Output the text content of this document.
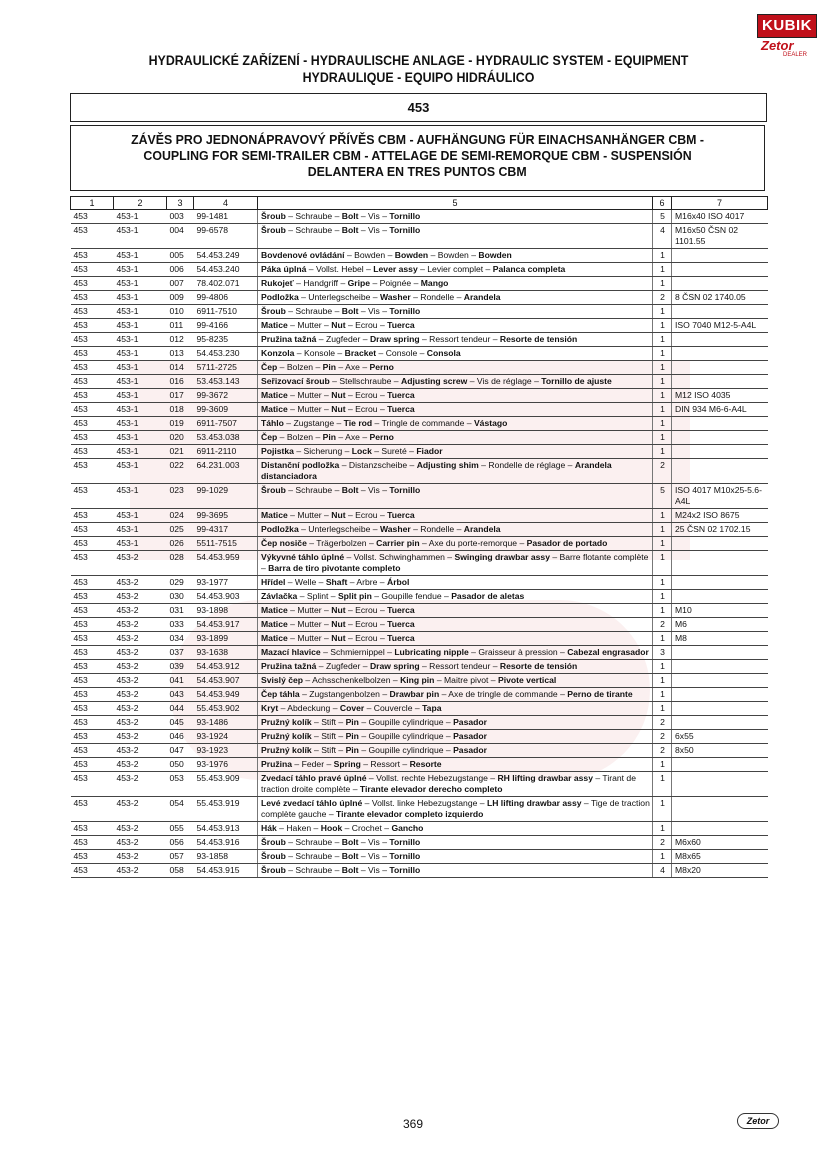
KUBIK
Zetor
DEALER
HYDRAULICKÉ ZAŘÍZENÍ - HYDRAULISCHE ANLAGE - HYDRAULIC SYSTEM - EQUIPMENT
HYDRAULIQUE - EQUIPO HIDRÁULICO
453
ZÁVĚS PRO JEDNONÁPRAVOVÝ PŘÍVĚS CBM - AUFHÄNGUNG FÜR EINACHSANHÄNGER CBM -
COUPLING FOR SEMI-TRAILER CBM - ATTELAGE DE SEMI-REMORQUE CBM - SUSPENSIÓN
DELANTERA EN TRES PUNTOS CBM
1	2	3	4	5	6	7
453	453-1	003	99-1481	Šroub – Schraube – Bolt – Vis – Tornillo	5	M16x40 ISO 4017
453	453-1	004	99-6578	Šroub – Schraube – Bolt – Vis – Tornillo	4	M16x50 ČSN 02 1101.55
453	453-1	005	54.453.249	Bovdenové ovládání – Bowden – Bowden – Bowden – Bowden	1	
453	453-1	006	54.453.240	Páka úplná – Vollst. Hebel – Lever assy – Levier complet – Palanca completa	1	
453	453-1	007	78.402.071	Rukojeť – Handgriff – Gripe – Poignée – Mango	1	
453	453-1	009	99-4806	Podložka – Unterlegscheibe – Washer – Rondelle – Arandela	2	8 ČSN 02 1740.05
453	453-1	010	6911-7510	Šroub – Schraube – Bolt – Vis – Tornillo	1	
453	453-1	011	99-4166	Matice – Mutter – Nut – Ecrou – Tuerca	1	ISO 7040 M12-5-A4L
453	453-1	012	95-8235	Pružina tažná – Zugfeder – Draw spring – Ressort tendeur – Resorte de tensión	1	
453	453-1	013	54.453.230	Konzola – Konsole – Bracket – Console – Consola	1	
453	453-1	014	5711-2725	Čep – Bolzen – Pin – Axe – Perno	1	
453	453-1	016	53.453.143	Seřizovací šroub – Stellschraube – Adjusting screw – Vis de réglage – Tornillo de ajuste	1	
453	453-1	017	99-3672	Matice – Mutter – Nut – Ecrou – Tuerca	1	M12 ISO 4035
453	453-1	018	99-3609	Matice – Mutter – Nut – Ecrou – Tuerca	1	DIN 934 M6-6-A4L
453	453-1	019	6911-7507	Táhlo – Zugstange – Tie rod – Tringle de commande – Vástago	1	
453	453-1	020	53.453.038	Čep – Bolzen – Pin – Axe – Perno	1	
453	453-1	021	6911-2110	Pojistka – Sicherung – Lock – Sureté – Fiador	1	
453	453-1	022	64.231.003	Distanční podložka – Distanzscheibe – Adjusting shim – Rondelle de réglage – Arandela distanciadora	2	
453	453-1	023	99-1029	Šroub – Schraube – Bolt – Vis – Tornillo	5	ISO 4017 M10x25-5.6-A4L
453	453-1	024	99-3695	Matice – Mutter – Nut – Ecrou – Tuerca	1	M24x2 ISO 8675
453	453-1	025	99-4317	Podložka – Unterlegscheibe – Washer – Rondelle – Arandela	1	25 ČSN 02 1702.15
453	453-1	026	5511-7515	Čep nosiče – Trägerbolzen – Carrier pin – Axe du porte-remorque – Pasador de portado	1	
453	453-2	028	54.453.959	Výkyvné táhlo úplné – Vollst. Schwinghammen – Swinging drawbar assy – Barre flotante complète – Barra de tiro pivotante completo	1	
453	453-2	029	93-1977	Hřídel – Welle – Shaft – Arbre – Árbol	1	
453	453-2	030	54.453.903	Závlačka – Splint – Split pin – Goupille fendue – Pasador de aletas	1	
453	453-2	031	93-1898	Matice – Mutter – Nut – Ecrou – Tuerca	1	M10
453	453-2	033	54.453.917	Matice – Mutter – Nut – Ecrou – Tuerca	2	M6
453	453-2	034	93-1899	Matice – Mutter – Nut – Ecrou – Tuerca	1	M8
453	453-2	037	93-1638	Mazací hlavice – Schmiernippel – Lubricating nipple – Graisseur à pression – Cabezal engrasador	3	
453	453-2	039	54.453.912	Pružina tažná – Zugfeder – Draw spring – Ressort tendeur – Resorte de tensión	1	
453	453-2	041	54.453.907	Svislý čep – Achsschenkelbolzen – King pin – Maitre pivot – Pivote vertical	1	
453	453-2	043	54.453.949	Čep táhla – Zugstangenbolzen – Drawbar pin – Axe de tringle de commande – Perno de tirante	1	
453	453-2	044	55.453.902	Kryt – Abdeckung – Cover – Couvercle – Tapa	1	
453	453-2	045	93-1486	Pružný kolík – Stift – Pin – Goupille cylindrique – Pasador	2	
453	453-2	046	93-1924	Pružný kolík – Stift – Pin – Goupille cylindrique – Pasador	2	6x55
453	453-2	047	93-1923	Pružný kolík – Stift – Pin – Goupille cylindrique – Pasador	2	8x50
453	453-2	050	93-1976	Pružina – Feder – Spring – Ressort – Resorte	1	
453	453-2	053	55.453.909	Zvedací táhlo pravé úplné – Vollst. rechte Hebezugstange – RH lifting drawbar assy – Tirant de traction droite complète – Tirante elevador derecho completo	1	
453	453-2	054	55.453.919	Levé zvedací táhlo úplné – Vollst. linke Hebezugstange – LH lifting drawbar assy – Tige de traction complète gauche – Tirante elevador completo izquierdo	1	
453	453-2	055	54.453.913	Hák – Haken – Hook – Crochet – Gancho	1	
453	453-2	056	54.453.916	Šroub – Schraube – Bolt – Vis – Tornillo	2	M6x60
453	453-2	057	93-1858	Šroub – Schraube – Bolt – Vis – Tornillo	1	M8x65
453	453-2	058	54.453.915	Šroub – Schraube – Bolt – Vis – Tornillo	4	M8x20
369	Zetor
